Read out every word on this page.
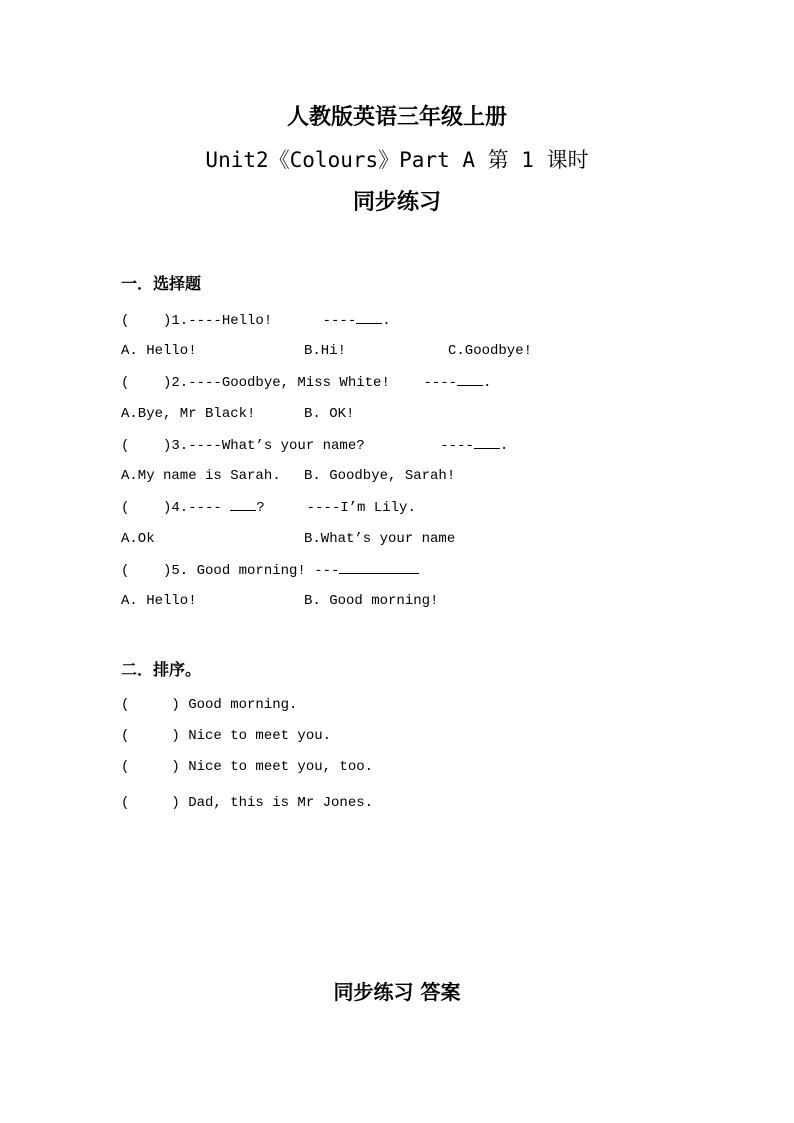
人教版英语三年级上册
Unit2《Colours》Part A 第 1 课时
同步练习
一．选择题
(    )1.----Hello!      ---- .
A. Hello!	B.Hi!	C.Goodbye!
(    )2.----Goodbye, Miss White!    ---- .
A.Bye, Mr Black!	B. OK!
(    )3.----What’s your name?         ---- .
A.My name is Sarah. B. Goodbye, Sarah!
(    )4.---- ?     ----I’m Lily.
A.Ok	B.What’s your name
(    )5. Good morning! ---
A. Hello!	B. Good morning!
二．排序。
(     ) Good morning.
(     ) Nice to meet you.
(     ) Nice to meet you, too.
(     ) Dad, this is Mr Jones.
同步练习 答案
